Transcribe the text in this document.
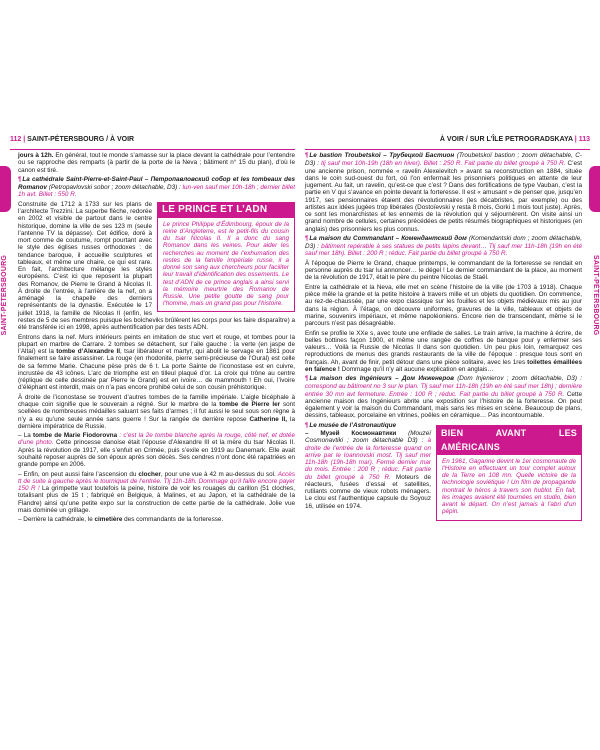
112 | SAINT-PÉTERSBOURG / À VOIR	À VOIR / SUR L’ÎLE PETROGRADSKAYA | 113
SAINT-PÉTERSBOURG	SAINT-PÉTERSBOURG

jours à 12h. En général, tout le monde s’amasse sur la place devant la cathédrale pour l’entendre ou se rapproche des remparts (à partir de la porte de la Neva ; bâtiment n° 15 du plan), d’où le canon est tiré.

¶La cathédrale Saint-Pierre-et-Saint-Paul – Петропавловский собор et les tombeaux des Romanov (Petropavlovski sobor ; zoom détachable, D3) : lun-ven sauf mer 10h-18h ; dernier billet 1h avt. Billet : 550 R.

LE PRINCE ET L’ADN
Le prince Philippe d’Édimbourg, époux de la reine d’Angleterre, est le petit-fils du cousin du tsar Nicolas II. Il a donc du sang Romanov dans les veines. Pour aider les recherches au moment de l’exhumation des restes de la famille impériale russe, il a donné son sang aux chercheurs pour faciliter leur travail d’identification des ossements. Le test d’ADN de ce prince anglais a ainsi servi la mémoire meurtrie des Romanov de Russie. Une petite goutte de sang pour l’homme, mais un grand pas pour l’histoire.

Construite de 1712 à 1733 sur les plans de l’architecte Trezzini. La superbe flèche, redorée en 2002 et visible de partout dans le centre historique, domine la ville de ses 123 m (seule l’antenne TV la dépasse). Cet édifice, doré à mort comme de coutume, rompt pourtant avec le style des églises russes orthodoxes : de tendance baroque, il accueille sculptures et tableaux, et même une chaire, ce qui est rare. En fait, l’architecture mélange les styles européens. C’est ici que reposent la plupart des Romanov, de Pierre le Grand à Nicolas II. À droite de l’entrée, à l’arrière de la nef, on a aménagé la chapelle des derniers représentants de la dynastie. Exécutée le 17 juillet 1918, la famille de Nicolas II (enfin, les restes de 5 de ses membres puisque les bolcheviks brûlèrent les corps pour les faire disparaître) a été transférée ici en 1998, après authentification par des tests ADN.

Entrons dans la nef. Murs intérieurs peints en imitation de stuc vert et rouge, et tombes pour la plupart en marbre de Carrare. 2 tombes se détachent, sur l’aile gauche : la verte (en jaspe de l’Altaï) est la tombe d’Alexandre II, tsar libérateur et martyr, qui abolit le servage en 1861 pour finalement se faire assassiner. La rouge (en rhodonite, pierre semi-précieuse de l’Oural) est celle de sa femme Marie. Chacune pèse près de 6 t. La porte Sainte de l’iconostase est en cuivre, incrustée de 43 icônes. L’arc de triomphe est en tilleul plaqué d’or. La croix qui trône au centre (réplique de celle dessinée par Pierre le Grand) est en ivoire… de mammouth ! Eh oui, l’ivoire d’éléphant est interdit, mais on n’a pas encore prohibé celui de son cousin préhistorique.

À droite de l’iconostase se trouvent d’autres tombes de la famille impériale. L’aigle bicéphale à chaque coin signifie que le souverain a régné. Sur le marbre de la tombe de Pierre Ier sont scellées de nombreuses médailles saluant ses faits d’armes ; il fut aussi le seul sous son règne à n’y a eu qu’une seule année sans guerre ! Sur la rangée de derrière repose Catherine II, la dernière impératrice de Russie.

– La tombe de Marie Fiodorovna : c’est la 2e tombe blanche après la rouge, côté nef, et dotée d’une photo. Cette princesse danoise était l’épouse d’Alexandre III et la mère du tsar Nicolas II. Après la révolution de 1917, elle s’enfuit en Crimée, puis s’exile en 1919 au Danemark. Elle avait souhaité reposer auprès de son époux après son décès. Ses cendres n’ont donc été rapatriées en grande pompe en 2006.

– Enfin, on peut aussi faire l’ascension du clocher, pour une vue à 42 m au-dessus du sol. Accès tt de suite à gauche après le tourniquet de l’entrée. Tlj 11h-18h. Dommage qu’il faille encore payer 150 R ! La grimpette vaut toutefois la peine, histoire de voir les rouages du carillon (51 cloches, totalisant plus de 15 t ; fabriqué en Belgique, à Malines, et au Japon, et la cathédrale de la Flandre) ainsi qu’une petite expo sur la construction de cette partie de la cathédrale. Jolie vue mais dominée un grillage.

– Derrière la cathédrale, le cimetière des commandants de la forteresse.

¶Le bastion Troubetskoï – Трубецкой Бастион (Troubetskoï bastion ; zoom détachable, C-D3) : tlj sauf mer 10h-19h (18h en hiver). Billet : 250 R. Fait partie du billet groupé à 750 R. C’est une ancienne prison, nommée « ravelin Alexeievitch » avant sa reconstruction en 1884, située dans le coin sud-ouest du fort, où l’on enfermait les prisonniers politiques en attente de leur jugement. Au fait, un ravelin, qu’est-ce que c’est ? Dans des fortifications de type Vauban, c’est la partie en V qui s’avance en pointe devant la forteresse. Il est « amusant » de penser que, jusqu’en 1917, ses pensionnaires étaient des révolutionnaires (les décabristes, par exemple) ou des artistes aux idées jugées trop libérales (Dostoïevski y resta 8 mois, Gorki 1 mois tout juste). Après, ce sont les monarchistes et les ennemis de la révolution qui y séjournèrent. On visite ainsi un grand nombre de cellules, certaines précédées de petits résumés biographiques et historiques (en anglais) des prisonniers les plus connus.

¶La maison du Commandant – Комендантский дом (Komendantski dom ; zoom détachable, D3) : bâtiment repérable à ses statues de petits lapins devant… Tlj sauf mer 11h-18h (19h en été sauf mer 18h). Billet : 200 R ; réduc. Fait partie du billet groupé à 750 R.

À l’époque de Pierre le Grand, chaque printemps, le commandant de la forteresse se rendait en personne auprès du tsar lui annoncer… le dégel ! Le dernier commandant de la place, au moment de la révolution de 1917, était le père du peintre Nicolas de Staël.

Entre la cathédrale et la Neva, elle met en scène l’histoire de la ville (de 1703 à 1918). Chaque pièce mêle la grande et la petite histoire à travers mille et un objets du quotidien. On commence, au rez-de-chaussée, par une expo classique sur les fouilles et les objets médiévaux mis au jour dans la région. À l’étage, on découvre uniformes, gravures de la ville, tableaux et objets de marine, souvenirs impériaux, et même napoléoniens. Encore rien de transcendant, même si le parcours n’est pas désagréable.

Enfin se profile le XXe s, avec toute une enfilade de salles. Le train arrive, la machine à écrire, de belles bottines façon 1900, et même une rangée de coffres de banque pour y enfermer ses valeurs… Voilà la Russie de Nicolas II dans son quotidien. Un peu plus loin, remarquez ces reproductions de menus des grands restaurants de la ville de l’époque : presque tous sont en français. Ah, avant de finir, petit détour dans une pièce solitaire, avec les 1res toilettes émaillées en faïence ! Dommage qu’il n’y ait aucune explication en anglais…

¶La maison des Ingénieurs – Дом Инженеров (Dom Injenierov ; zoom détachable, D3) : correspond au bâtiment no 3 sur le plan. Tlj sauf mer 11h-18h (19h en été sauf mer 18h) ; dernière entrée 30 mn avt fermeture. Entrée : 100 R ; réduc. Fait partie du billet groupé à 750 R. Cette ancienne maison des Ingénieurs abrite une exposition sur l’histoire de la forteresse. On peut également y voir la maison du Commandant, mais sans les mises en scène. Beaucoup de plans, dessins, tableaux, porcelaine en vitrines, poêles en céramique… Pas incontournable.

BIEN AVANT LES AMÉRICAINS
En 1961, Gagarine devint le 1er cosmonaute de l’Histoire en effectuant un tour complet autour de la Terre en 108 mn. Quelle victoire de la technologie soviétique ! Un film de propagande montrait le héros à travers son hublot. En fait, les images avaient été tournées en studio, bien avant le départ. On n’est jamais à l’abri d’un pépin.

¶Le musée de l’Astronautique
– Музей Космонавтики (Mouzeï Cosmonavtiki ; zoom détachable D3) : à droite de l’entrée de la forteresse quand on arrive par le Ioannovski most. Tlj sauf mer 11h-18h (19h-18h mar). Fermé dernier mar du mois. Entrée : 200 R ; réduc. Fait partie du billet groupé à 750 R. Moteurs de réacteurs, fusées d’essai et satellites, rutilants comme de vieux robots ménagers. Le clou est l’authentique capsule du Soyouz 16, utilisée en 1974.
